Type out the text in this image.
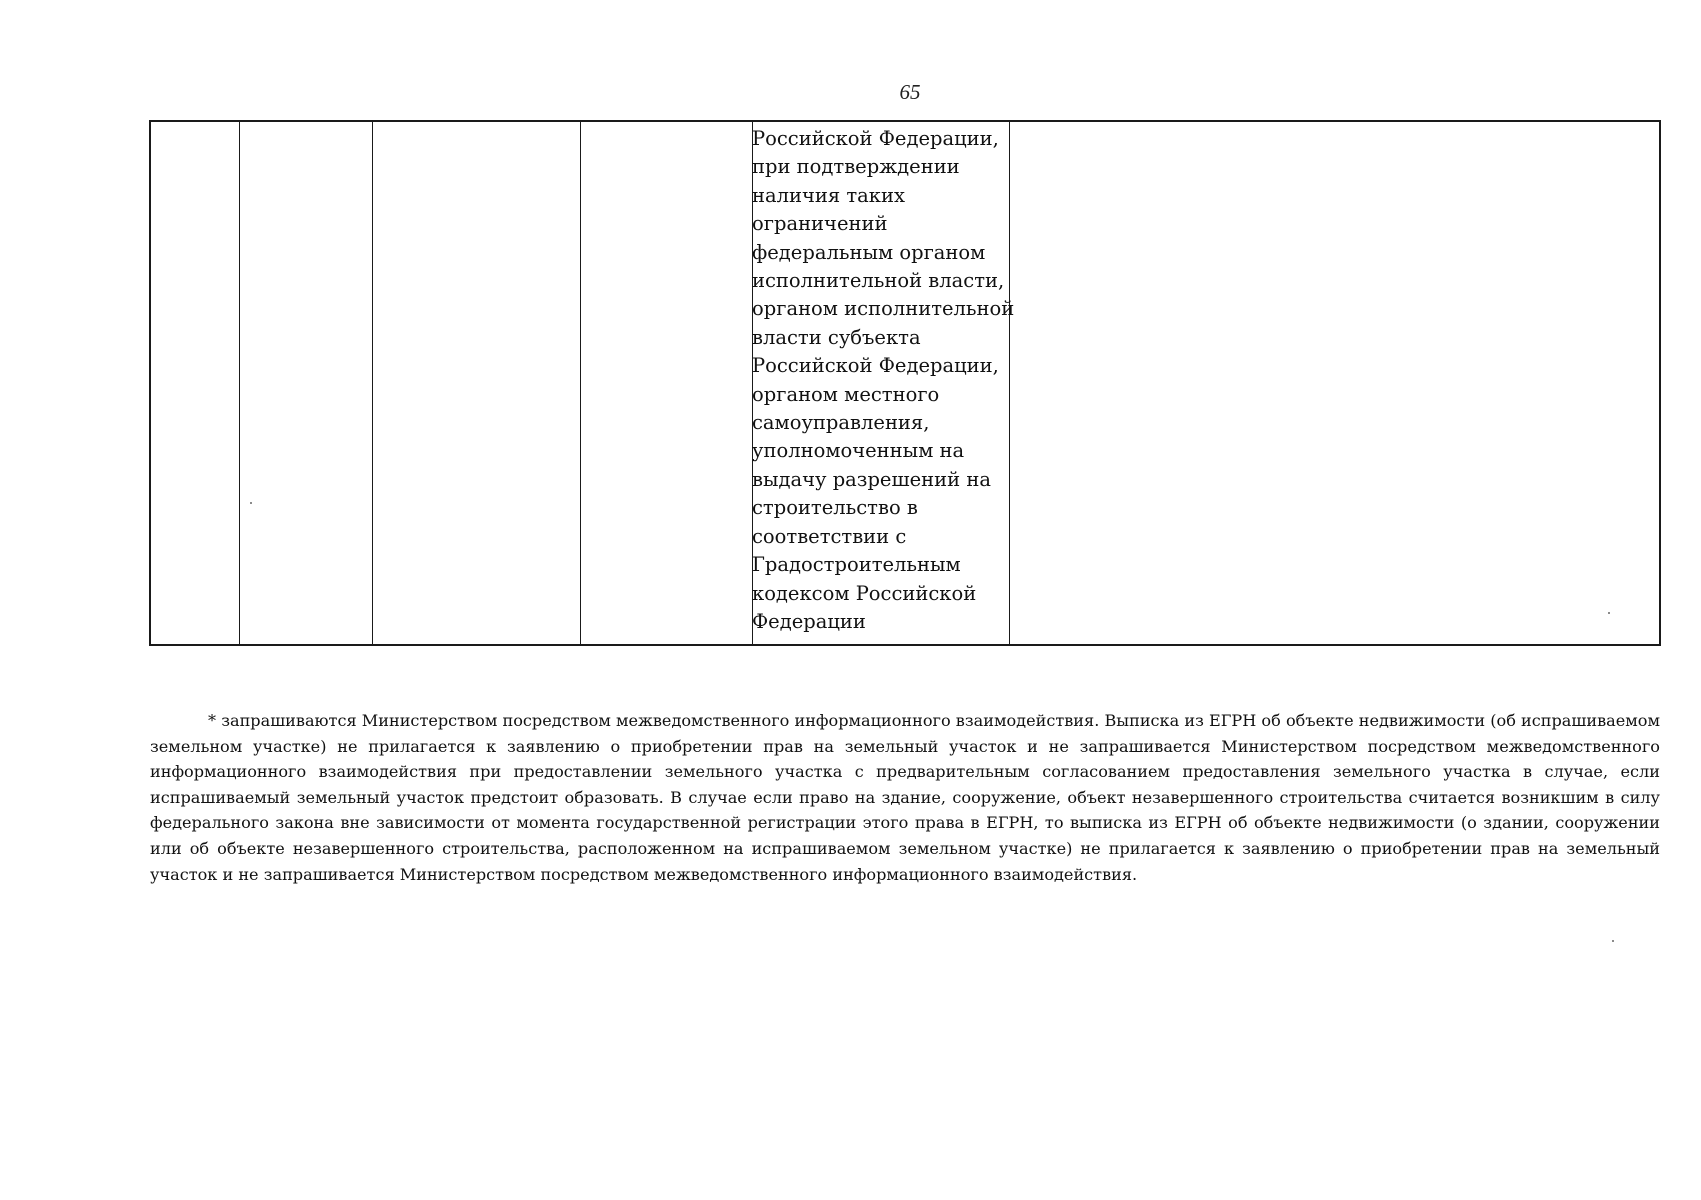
65
Российской Федерации,
при подтверждении
наличия таких
ограничений
федеральным органом
исполнительной власти,
органом исполнительной
власти субъекта
Российской Федерации,
органом местного
самоуправления,
уполномоченным на
выдачу разрешений на
строительство в
соответствии с
Градостроительным
кодексом Российской
Федерации

* запрашиваются Министерством посредством межведомственного информационного взаимодействия. Выписка из ЕГРН об объекте недвижимости (об испрашиваемом земельном участке) не прилагается к заявлению о приобретении прав на земельный участок и не запрашивается Министерством посредством межведомственного информационного взаимодействия при предоставлении земельного участка с предварительным согласованием предоставления земельного участка в случае, если испрашиваемый земельный участок предстоит образовать. В случае если право на здание, сооружение, объект незавершенного строительства считается возникшим в силу федерального закона вне зависимости от момента государственной регистрации этого права в ЕГРН, то выписка из ЕГРН об объекте недвижимости (о здании, сооружении или об объекте незавершенного строительства, расположенном на испрашиваемом земельном участке) не прилагается к заявлению о приобретении прав на земельный участок и не запрашивается Министерством посредством межведомственного информационного взаимодействия.
